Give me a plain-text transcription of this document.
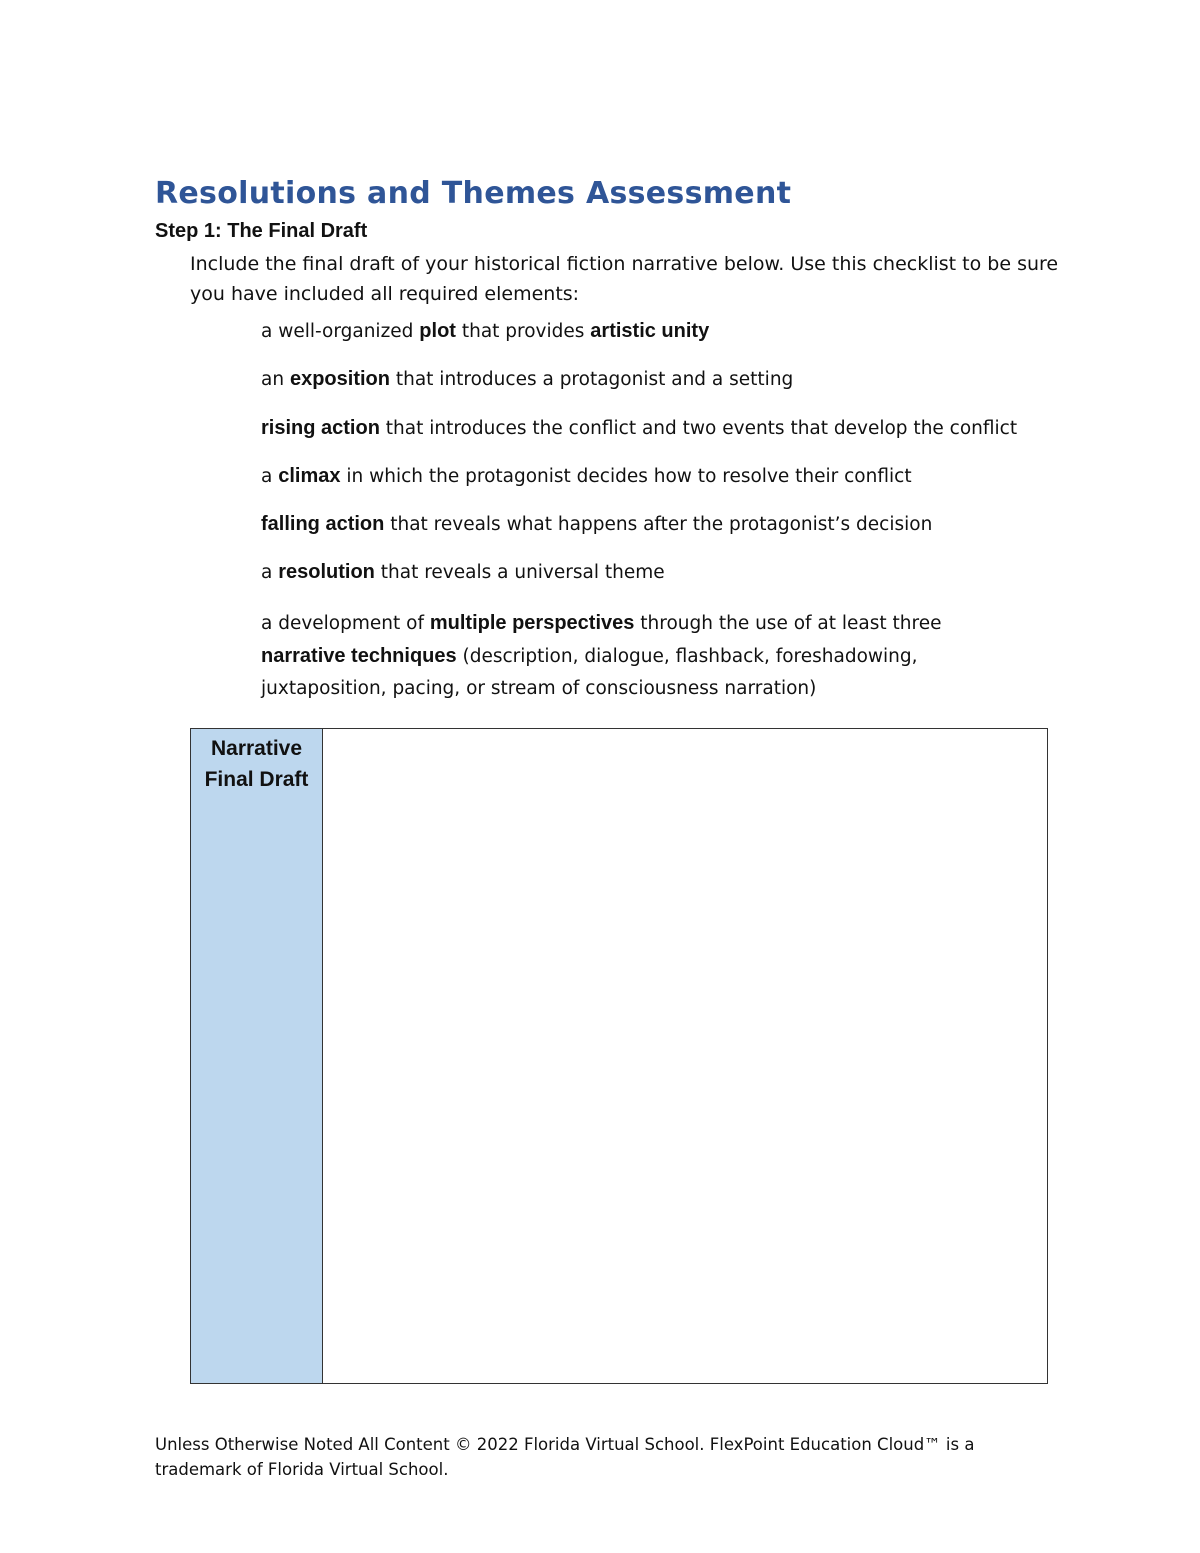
Resolutions and Themes Assessment
Step 1: The Final Draft

Include the final draft of your historical fiction narrative below. Use this checklist to be sure you have included all required elements:

a well-organized plot that provides artistic unity

an exposition that introduces a protagonist and a setting

rising action that introduces the conflict and two events that develop the conflict

a climax in which the protagonist decides how to resolve their conflict

falling action that reveals what happens after the protagonist’s decision

a resolution that reveals a universal theme

a development of multiple perspectives through the use of at least three narrative techniques (description, dialogue, flashback, foreshadowing, juxtaposition, pacing, or stream of consciousness narration)

Narrative
Final Draft

Unless Otherwise Noted All Content © 2022 Florida Virtual School. FlexPoint Education Cloud™ is a trademark of Florida Virtual School.
